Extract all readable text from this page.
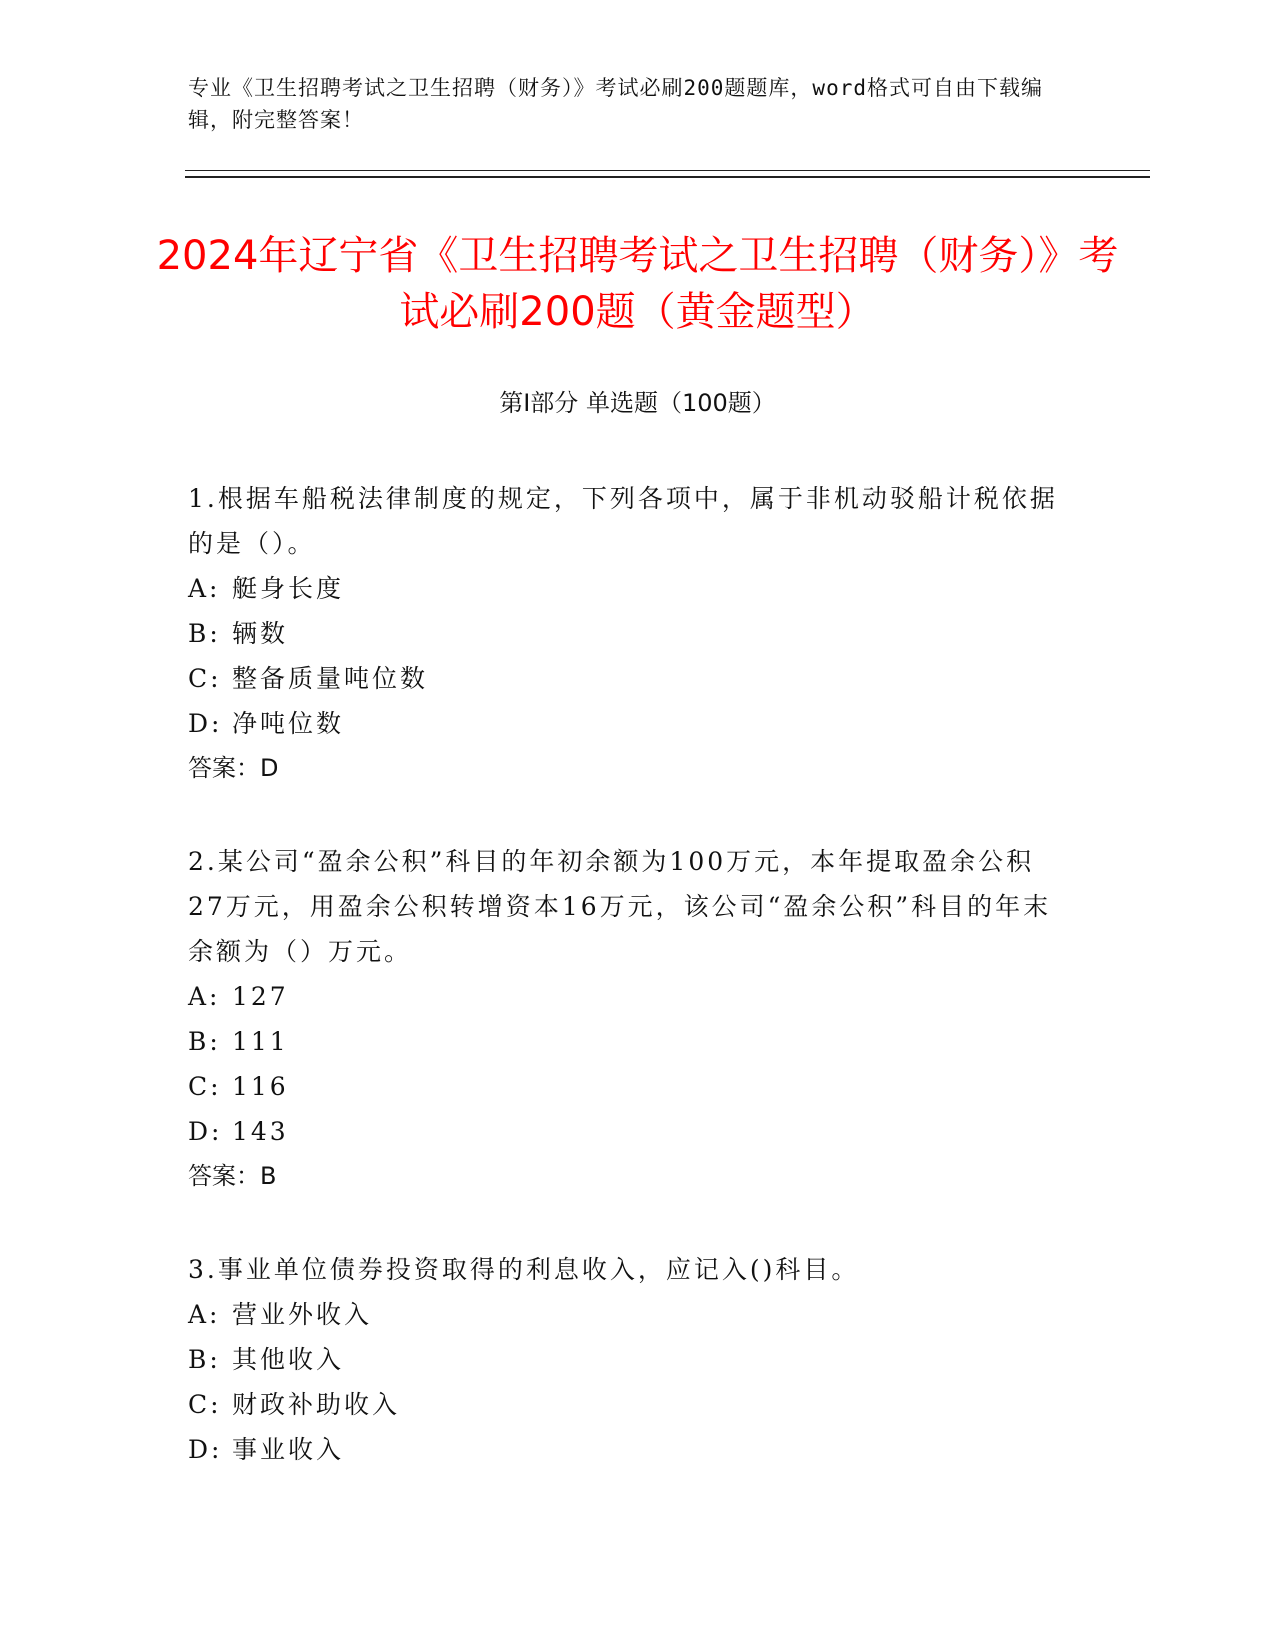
专业《卫生招聘考试之卫生招聘（财务）》考试必刷200题题库，word格式可自由下载编辑，附完整答案！
2024年辽宁省《卫生招聘考试之卫生招聘（财务）》考试必刷200题（黄金题型）
第I部分 单选题（100题）
1.根据车船税法律制度的规定，下列各项中，属于非机动驳船计税依据的是（）。
A: 艇身长度
B: 辆数
C: 整备质量吨位数
D: 净吨位数
答案：D
2.某公司“盈余公积”科目的年初余额为100万元，本年提取盈余公积27万元，用盈余公积转增资本16万元，该公司“盈余公积”科目的年末余额为（）万元。
A: 127
B: 111
C: 116
D: 143
答案：B
3.事业单位债券投资取得的利息收入，应记入()科目。
A: 营业外收入
B: 其他收入
C: 财政补助收入
D: 事业收入
